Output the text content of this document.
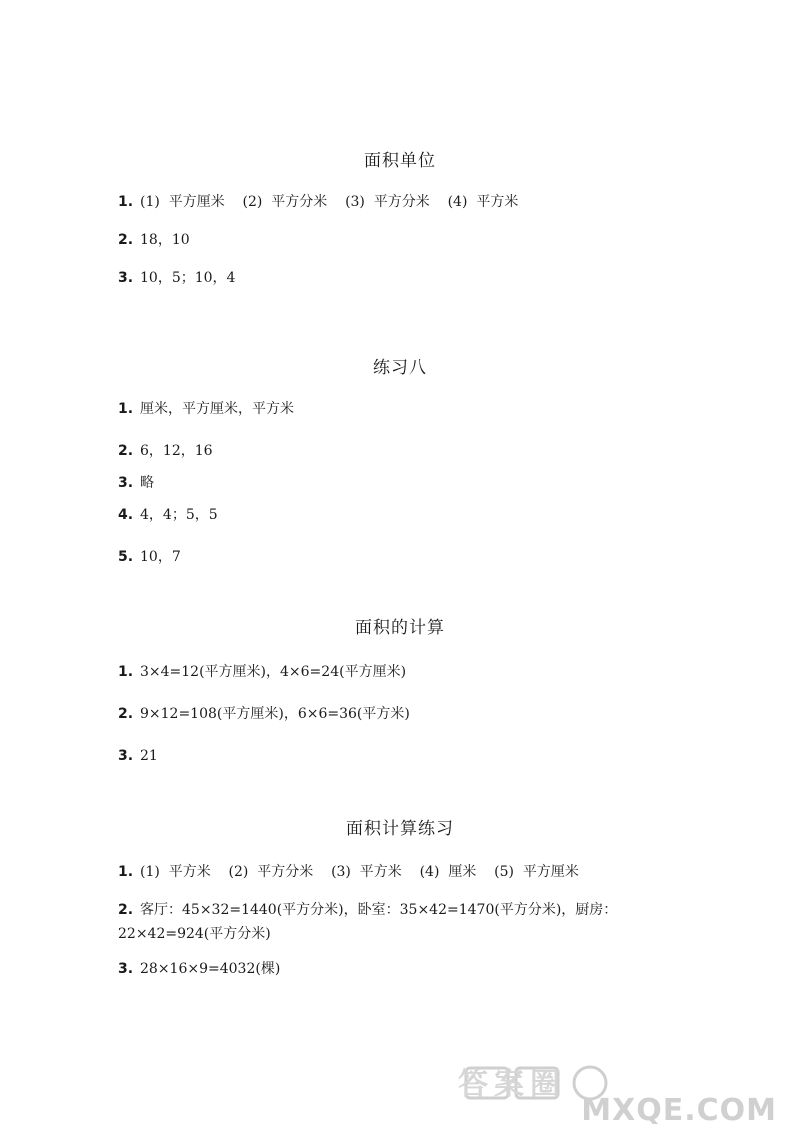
面积单位
1. (1)  平方厘米    (2)  平方分米    (3)  平方分米    (4)  平方米
2. 18，10
3. 10，5；10，4
练习八
1. 厘米，平方厘米，平方米
2. 6，12，16
3. 略
4. 4，4；5，5
5. 10，7
面积的计算
1. 3×4=12(平方厘米)，4×6=24(平方厘米)
2. 9×12=108(平方厘米)，6×6=36(平方米)
3. 21
面积计算练习
1. (1)  平方米    (2)  平方分米    (3)  平方米    (4)  厘米    (5)  平方厘米
2. 客厅：45×32=1440(平方分米)，卧室：35×42=1470(平方分米)，厨房：
22×42=924(平方分米)
3. 28×16×9=4032(棵)
答案圈
MXQE.COM
